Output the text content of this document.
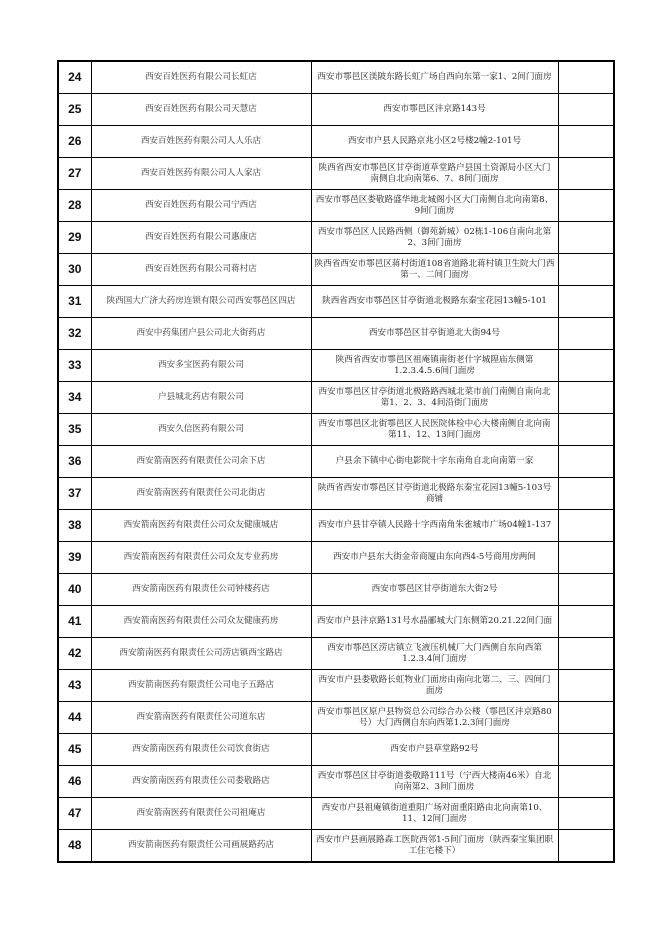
24	西安百姓医药有限公司长虹店	西安市鄠邑区渼陂东路长虹广场自西向东第一家1、2间门面房	
25	西安百姓医药有限公司天慧店	西安市鄠邑区沣京路143号	
26	西安百姓医药有限公司人人乐店	西安市户县人民路京兆小区2号楼2幢2-101号	
27	西安百姓医药有限公司人人家店	陕西省西安市鄠邑区甘亭街道草堂路户县国土资源局小区大门南侧自北向南第6、7、8间门面房	
28	西安百姓医药有限公司宁西店	西安市鄠邑区娄敬路盛华地北城阁小区大门南侧自北向南第8、9间门面房	
29	西安百姓医药有限公司惠康店	西安市鄠邑区人民路西侧（御苑新城）02栋1-106自南向北第2、3间门面房	
30	西安百姓医药有限公司蒋村店	陕西省西安市鄠邑区蒋村街道108省道路北蒋村镇卫生院大门西第一、二间门面房	
31	陕西国大广济大药房连锁有限公司西安鄠邑区四店	陕西省西安市鄠邑区甘亭街道北极路东秦宝花园13幢5-101	
32	西安中药集团户县公司北大街药店	西安市鄠邑区甘亭街道北大街94号	
33	西安多宝医药有限公司	陕西省西安市鄠邑区祖庵镇南街老什字城隍庙东侧第1.2.3.4.5.6间门面房	
34	户县城北药店有限公司	西安市鄠邑区甘亭街道北极路路西城北菜市前门南侧自南向北第1、2、3、4间沿街门面房	
35	西安久信医药有限公司	西安市鄠邑区北街鄠邑区人民医院体检中心大楼南侧自北向南第11、12、13间门面房	
36	西安箭南医药有限责任公司余下店	户县余下镇中心街电影院十字东南角自北向南第一家	
37	西安箭南医药有限责任公司北街店	陕西省西安市鄠邑区甘亭街道北极路东秦宝花园13幢5-103号商铺	
38	西安箭南医药有限责任公司众友健康城店	西安市户县甘亭镇人民路十字西南角朱雀城市广场04幢1-137	
39	西安箭南医药有限责任公司众友专业药房	西安市户县东大街金帝商厦由东向西4-5号商用房两间	
40	西安箭南医药有限责任公司钟楼药店	西安市鄠邑区甘亭街道东大街2号	
41	西安箭南医药有限责任公司众友健康药房	西安市户县沣京路131号水晶郦城大门东侧第20.21.22间门面	
42	西安箭南医药有限责任公司涝店镇西宝路店	西安市鄠邑区涝店镇立飞液压机械厂大门西侧自东向西第1.2.3.4间门面房	
43	西安箭南医药有限责任公司电子五路店	西安市户县娄敬路长虹物业门面房由南向北第二、三、四间门面房	
44	西安箭南医药有限责任公司道东店	西安市鄠邑区原户县物资总公司综合办公楼（鄠邑区沣京路80号）大门西侧自东向西第1.2.3间门面房	
45	西安箭南医药有限责任公司饮食街店	西安市户县草堂路92号	
46	西安箭南医药有限责任公司娄敬路店	西安市鄠邑区甘亭街道娄敬路111号（宁西大楼南46米）自北向南第2、3间门面房	
47	西安箭南医药有限责任公司祖庵店	西安市户县祖庵镇街道重阳广场对面重阳路由北向南第10、11、12间门面房	
48	西安箭南医药有限责任公司画展路药店	西安市户县画展路森工医院西邻1-5间门面房（陕西秦宝集团职工住宅楼下）	
